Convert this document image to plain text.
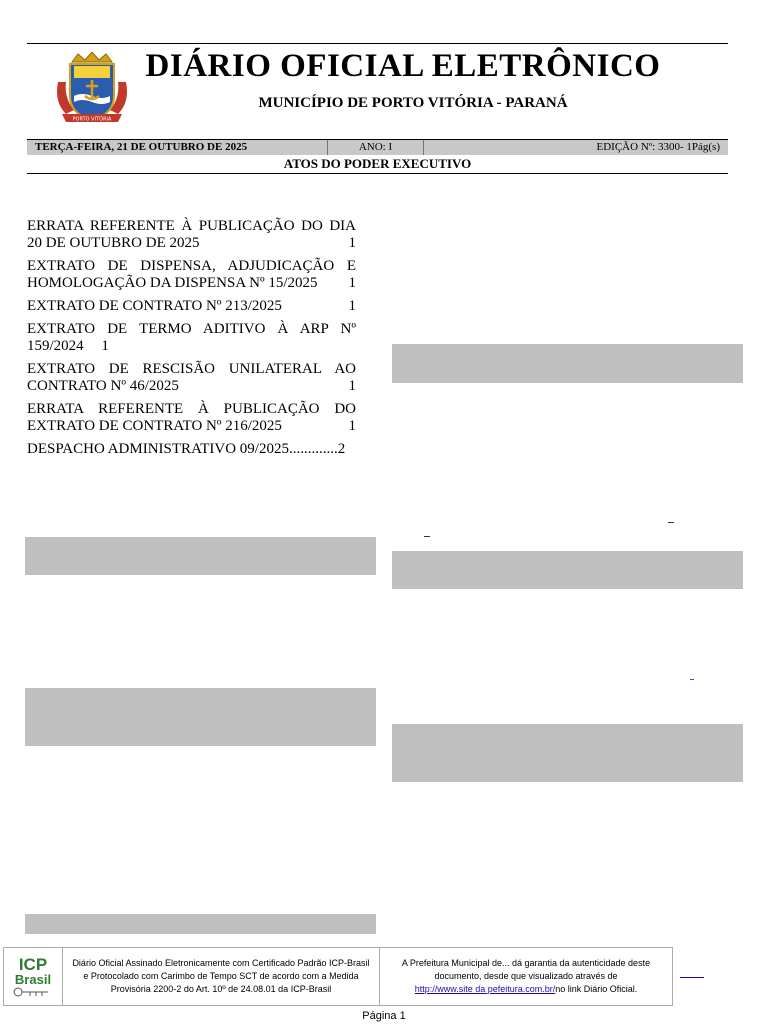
PORTO VITÓRIA
DIÁRIO OFICIAL ELETRÔNICO
MUNICÍPIO DE PORTO VITÓRIA - PARANÁ
TERÇA-FEIRA, 21 DE OUTUBRO DE 2025	ANO: I	EDIÇÃO Nº: 3300- 1Pág(s)
ATOS DO PODER EXECUTIVO
ERRATA REFERENTE À PUBLICAÇÃO DO DIA 20 DE OUTUBRO DE 2025	1
EXTRATO DE DISPENSA, ADJUDICAÇÃO E HOMOLOGAÇÃO DA DISPENSA Nº 15/2025 1
EXTRATO DE CONTRATO Nº 213/2025	1
EXTRATO DE TERMO ADITIVO À ARP Nº 159/2024 1
EXTRATO DE RESCISÃO UNILATERAL AO CONTRATO Nº 46/2025	1
ERRATA REFERENTE À PUBLICAÇÃO DO EXTRATO DE CONTRATO Nº 216/2025	1
DESPACHO ADMINISTRATIVO 09/2025.............2
ICP
Brasil
Diário Oficial Assinado Eletronicamente com Certificado Padrão ICP-Brasil e Protocolado com Carimbo de Tempo SCT de acordo com a Medida Provisória 2200-2 do Art. 10º de 24.08.01 da ICP-Brasil
A Prefeitura Municipal de... dá garantia da autenticidade deste documento, desde que visualizado através de
http://www.site da pefeitura.com.br/no link Diário Oficial.
Página 1
